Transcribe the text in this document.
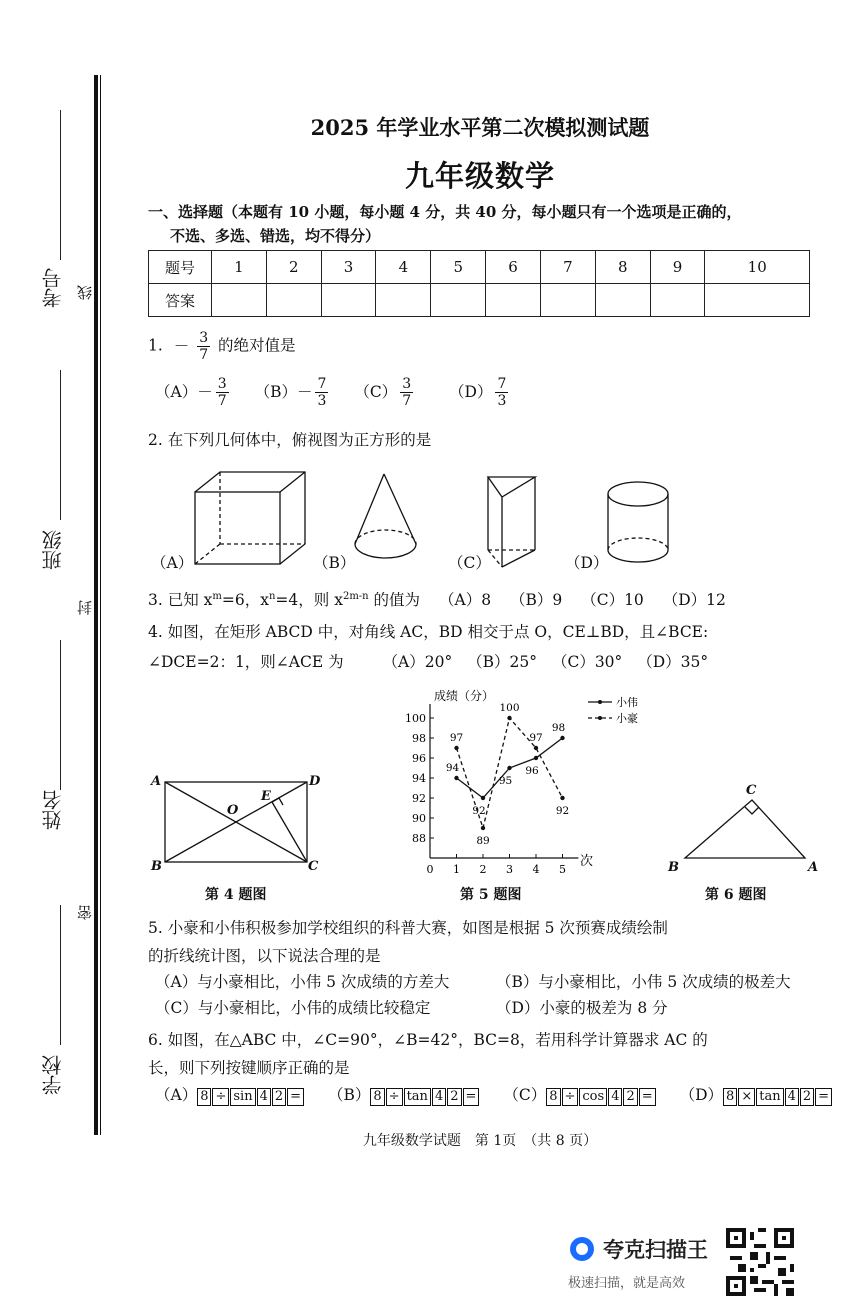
考号 线
班级
封
姓名
密
学校
2025 年学业水平第二次模拟测试题
九年级数学
一、选择题（本题有 10 小题，每小题 4 分，共 40 分，每小题只有一个选项是正确的，
不选、多选、错选，均不得分）
题号	1	2	3	4	5	6	7	8	9	10
答案										
1. － $\frac{3}{7}$ 的绝对值是
$(A)- \frac{3}{7} (B)- \frac{7}{3} (C) \frac{3}{7} (D) \frac{7}{3}$
2. 在下列几何体中，俯视图为正方形的是
（A）	（B）	（C）	（D）
3. 已知 $x^m=6$，$x^n=4$，则 $x^{2m-n}$ 的值为 （A）8 （B）9 （C）10 （D）12
4. 如图，在矩形 ABCD 中，对角线 AC，BD 相交于点 O，CE⊥BD，且∠BCE:
∠DCE=2：1，则∠ACE 为	（A）20° （B）25° （C）30° （D）35°
A	D
B	C
O
E
第 4 题图
成绩（分）
次
88
90
92
94
96
98
100
0 1 2 3 4 5
94
92
95
96
98
小伟
97
89
100
97
92
小豪
第 5 题图
C
B	A
第 6 题图
5. 小豪和小伟积极参加学校组织的科普大赛，如图是根据 5 次预赛成绩绘制
的折线统计图，以下说法合理的是
（A）与小豪相比，小伟 5 次成绩的方差大	（B）与小豪相比，小伟 5 次成绩的极差大
（C）与小豪相比，小伟的成绩比较稳定	（D）小豪的极差为 8 分
6. 如图，在△ABC 中，∠C=90°，∠B=42°，BC=8，若用科学计算器求 AC 的
长，则下列按键顺序正确的是
（A） 8 ÷ sin 4 2 = （B） 8 ÷ tan 4 2 = （C） 8 ÷ cos 4 2 = （D） 8 × tan 4 2 =
九年级数学试题　第 1页　（共 8 页）
夸克扫描王
极速扫描，就是高效
